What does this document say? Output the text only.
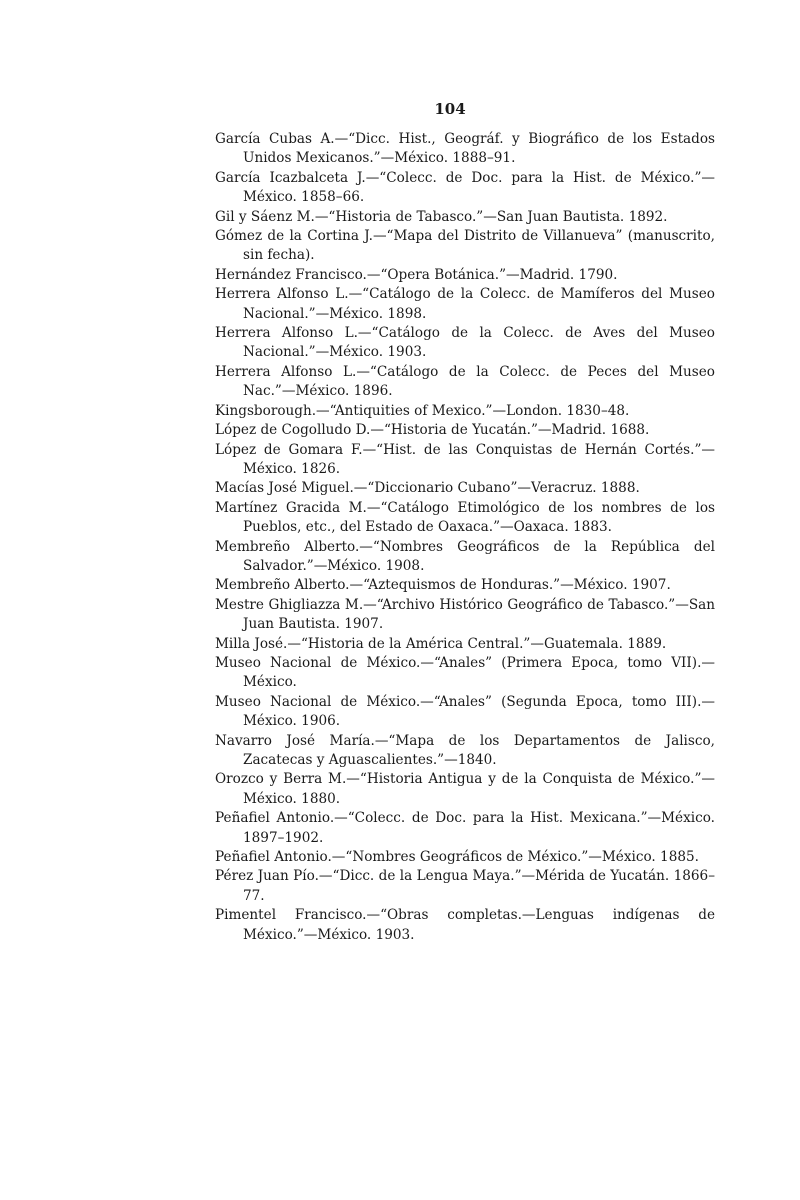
104
García Cubas A.—“Dicc. Hist., Geográf. y Biográfico de los Estados Unidos Mexicanos.”—México. 1888–91.
García Icazbalceta J.—“Colecc. de Doc. para la Hist. de México.”—México. 1858–66.
Gil y Sáenz M.—“Historia de Tabasco.”—San Juan Bautista. 1892.
Gómez de la Cortina J.—“Mapa del Distrito de Villanueva” (manuscrito, sin fecha).
Hernández Francisco.—“Opera Botánica.”—Madrid. 1790.
Herrera Alfonso L.—“Catálogo de la Colecc. de Mamíferos del Museo Nacional.”—México. 1898.
Herrera Alfonso L.—“Catálogo de la Colecc. de Aves del Museo Nacional.”—México. 1903.
Herrera Alfonso L.—“Catálogo de la Colecc. de Peces del Museo Nac.”—México. 1896.
Kingsborough.—“Antiquities of Mexico.”—London. 1830–48.
López de Cogolludo D.—“Historia de Yucatán.”—Madrid. 1688.
López de Gomara F.—“Hist. de las Conquistas de Hernán Cortés.”—México. 1826.
Macías José Miguel.—“Diccionario Cubano”—Veracruz. 1888.
Martínez Gracida M.—“Catálogo Etimológico de los nombres de los Pueblos, etc., del Estado de Oaxaca.”—Oaxaca. 1883.
Membreño Alberto.—“Nombres Geográficos de la República del Salvador.”—México. 1908.
Membreño Alberto.—“Aztequismos de Honduras.”—México. 1907.
Mestre Ghigliazza M.—“Archivo Histórico Geográfico de Tabasco.”—San Juan Bautista. 1907.
Milla José.—“Historia de la América Central.”—Guatemala. 1889.
Museo Nacional de México.—“Anales” (Primera Epoca, tomo VII).—México.
Museo Nacional de México.—“Anales” (Segunda Epoca, tomo III).—México. 1906.
Navarro José María.—“Mapa de los Departamentos de Jalisco, Zacatecas y Aguascalientes.”—1840.
Orozco y Berra M.—“Historia Antigua y de la Conquista de México.”—México. 1880.
Peñafiel Antonio.—“Colecc. de Doc. para la Hist. Mexicana.”—México. 1897–1902.
Peñafiel Antonio.—“Nombres Geográficos de México.”—México. 1885.
Pérez Juan Pío.—“Dicc. de la Lengua Maya.”—Mérida de Yucatán. 1866–77.
Pimentel Francisco.—“Obras completas.—Lenguas indígenas de México.”—México. 1903.
